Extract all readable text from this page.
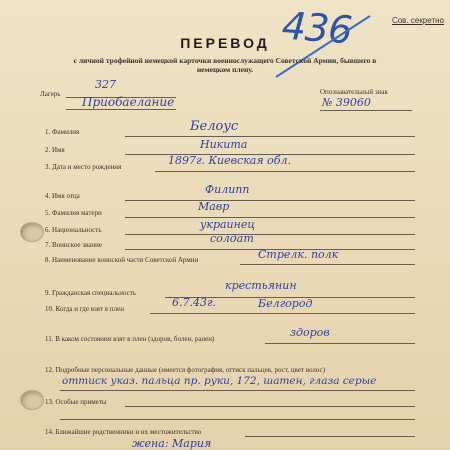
Сов. секретно
436
ПЕРЕВОД
с личной трофейной немецкой карточки военнослужащего Советской Армии, бывшего в немецком плену.
Лагерь
327
Приобаелание
Опознавательный знак
№ 39060
1. Фамилия	Белоус
2. Имя	Никита
3. Дата и место рождения	1897г. Киевская обл.
4. Имя отца	Филипп
5. Фамилия матери	Мавр
6. Национальность	украинец
7. Воинское звание	солдат
8. Наименование воинской части Советской Армии	Стрелк. полк
9. Гражданская специальность
крестьянин
10. Когда и где взят в плен	6.7.43г.	Белгород
11. В каком состоянии взят в плен (здоров, болен, ранен)	здоров
12. Подробные персональные данные (имеется фотография, оттиск пальцев, рост, цвет волос)
оттиск указ. пальца пр. руки, 172, шатен, глаза серые
13. Особые приметы
14. Ближайшие родственники и их местожительство
жена: Мария
